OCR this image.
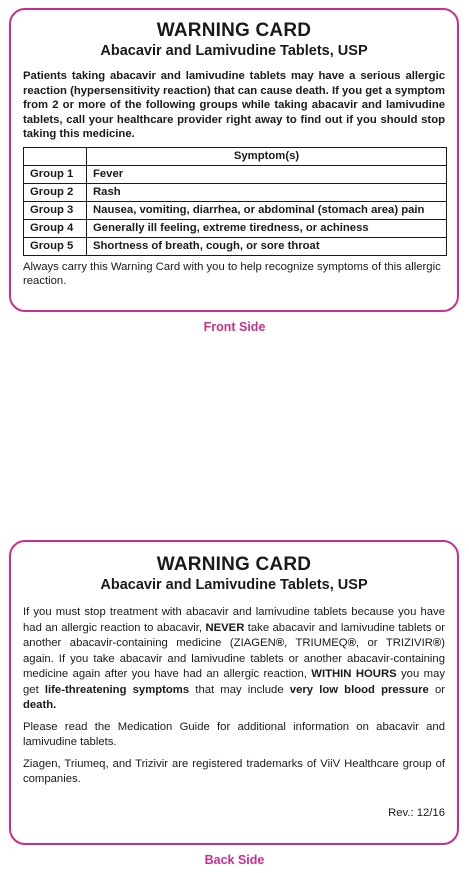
WARNING CARD
Abacavir and Lamivudine Tablets, USP
Patients taking abacavir and lamivudine tablets may have a serious allergic reaction (hypersensitivity reaction) that can cause death. If you get a symptom from 2 or more of the following groups while taking abacavir and lamivudine tablets, call your healthcare provider right away to find out if you should stop taking this medicine.
	Symptom(s)
Group 1	Fever
Group 2	Rash
Group 3	Nausea, vomiting, diarrhea, or abdominal (stomach area) pain
Group 4	Generally ill feeling, extreme tiredness, or achiness
Group 5	Shortness of breath, cough, or sore throat
Always carry this Warning Card with you to help recognize symptoms of this allergic reaction.
Front Side
WARNING CARD
Abacavir and Lamivudine Tablets, USP
If you must stop treatment with abacavir and lamivudine tablets because you have had an allergic reaction to abacavir, NEVER take abacavir and lamivudine tablets or another abacavir-containing medicine (ZIAGEN®, TRIUMEQ®, or TRIZIVIR®) again. If you take abacavir and lamivudine tablets or another abacavir-containing medicine again after you have had an allergic reaction, WITHIN HOURS you may get life-threatening symptoms that may include very low blood pressure or death.
Please read the Medication Guide for additional information on abacavir and lamivudine tablets.
Ziagen, Triumeq, and Trizivir are registered trademarks of ViiV Healthcare group of companies.
Rev.: 12/16
Back Side
